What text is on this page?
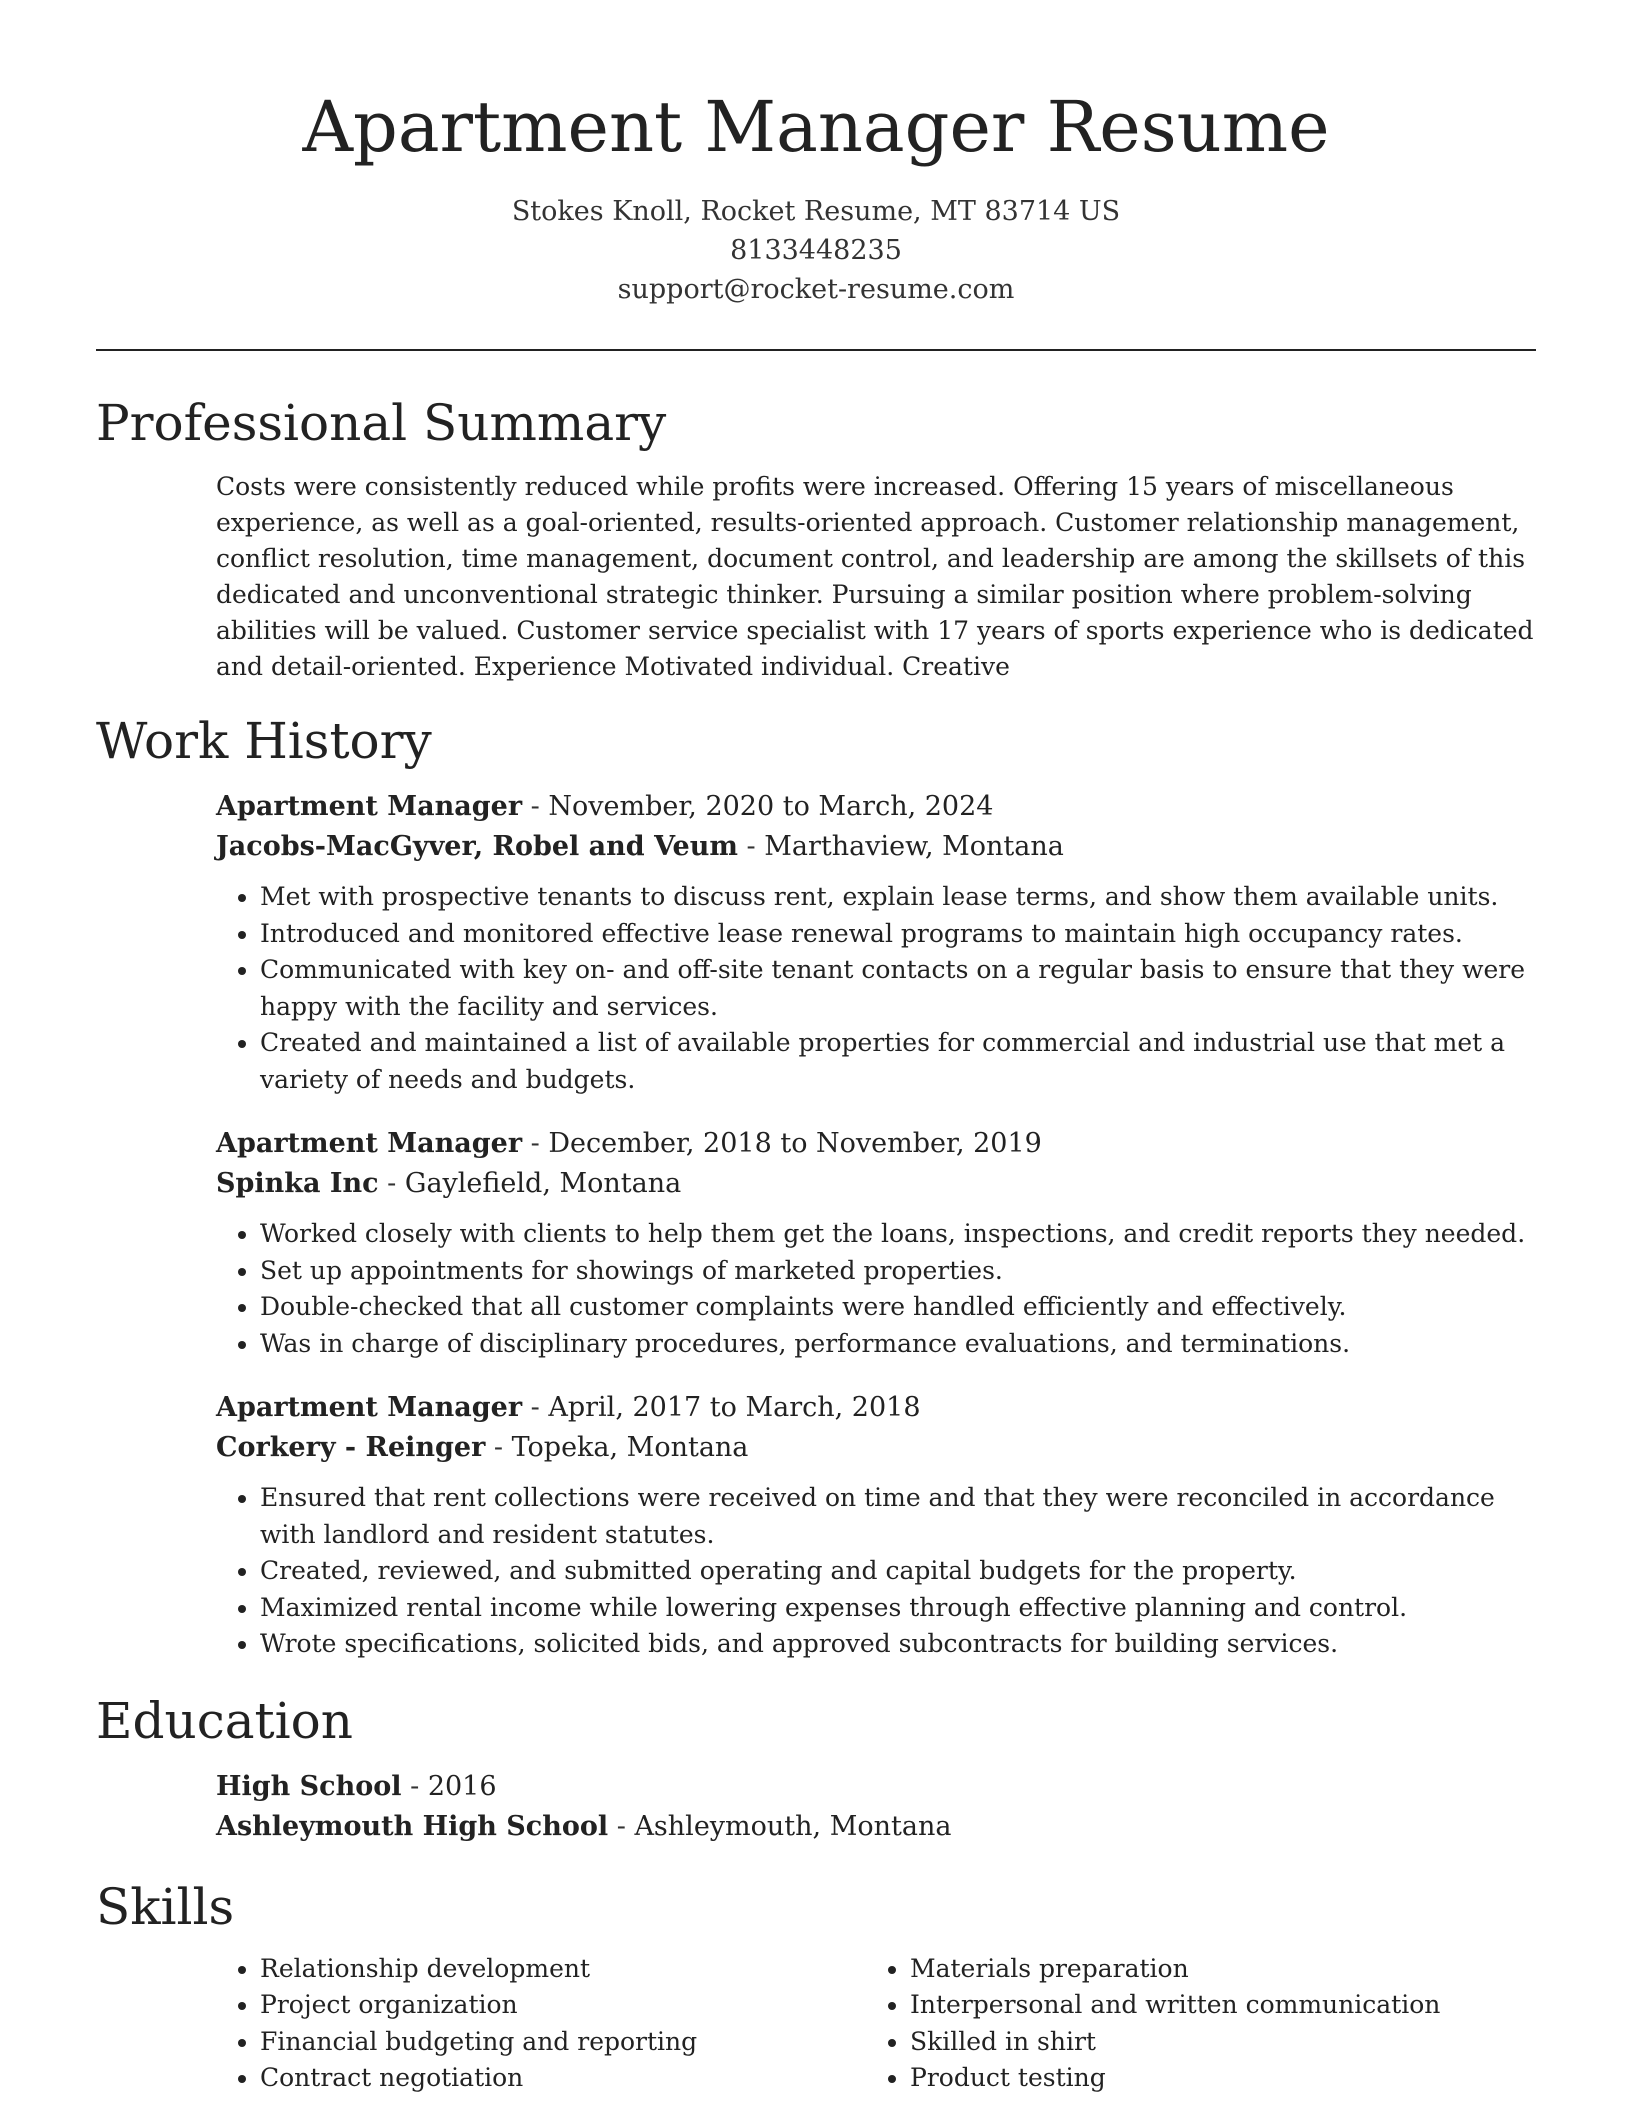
Apartment Manager Resume
Stokes Knoll, Rocket Resume, MT 83714 US
8133448235
support@rocket-resume.com
Professional Summary

Costs were consistently reduced while profits were increased. Offering 15 years of miscellaneous experience, as well as a goal-oriented, results-oriented approach. Customer relationship management, conflict resolution, time management, document control, and leadership are among the skillsets of this dedicated and unconventional strategic thinker. Pursuing a similar position where problem-solving abilities will be valued. Customer service specialist with 17 years of sports experience who is dedicated and detail-oriented. Experience Motivated individual. Creative

Work History
Apartment Manager - November, 2020 to March, 2024
Jacobs-MacGyver, Robel and Veum - Marthaview, Montana
• Met with prospective tenants to discuss rent, explain lease terms, and show them available units.
• Introduced and monitored effective lease renewal programs to maintain high occupancy rates.
• Communicated with key on- and off-site tenant contacts on a regular basis to ensure that they were happy with the facility and services.
• Created and maintained a list of available properties for commercial and industrial use that met a variety of needs and budgets.
Apartment Manager - December, 2018 to November, 2019
Spinka Inc - Gaylefield, Montana
• Worked closely with clients to help them get the loans, inspections, and credit reports they needed.
• Set up appointments for showings of marketed properties.
• Double-checked that all customer complaints were handled efficiently and effectively.
• Was in charge of disciplinary procedures, performance evaluations, and terminations.
Apartment Manager - April, 2017 to March, 2018
Corkery - Reinger - Topeka, Montana
• Ensured that rent collections were received on time and that they were reconciled in accordance with landlord and resident statutes.
• Created, reviewed, and submitted operating and capital budgets for the property.
• Maximized rental income while lowering expenses through effective planning and control.
• Wrote specifications, solicited bids, and approved subcontracts for building services.
Education
High School - 2016
Ashleymouth High School - Ashleymouth, Montana
Skills
• Relationship development
• Project organization
• Financial budgeting and reporting
• Contract negotiation
• Materials preparation
• Interpersonal and written communication
• Skilled in shirt
• Product testing
